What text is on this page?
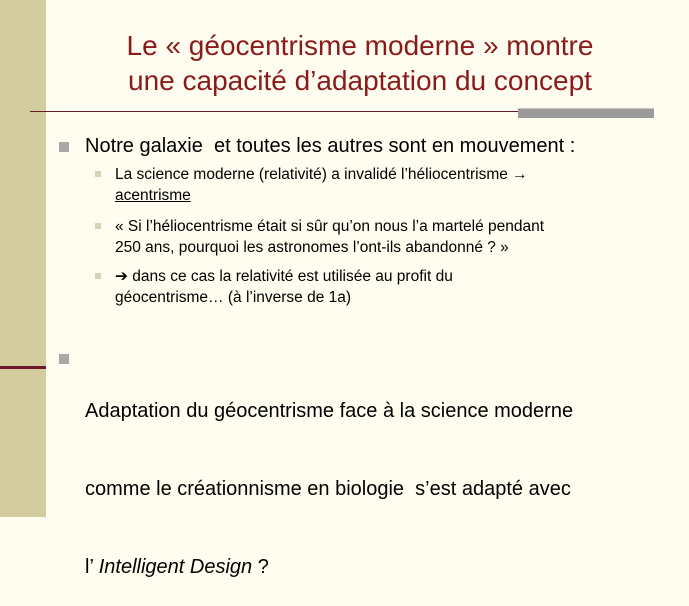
Le « géocentrisme moderne » montre
une capacité d’adaptation du concept
Notre galaxie  et toutes les autres sont en mouvement :
La science moderne (relativité) a invalidé l’héliocentrisme →
acentrisme
« Si l’héliocentrisme était si sûr qu’on nous l’a martelé pendant
250 ans, pourquoi les astronomes l’ont-ils abandonné ? »
➔ dans ce cas la relativité est utilisée au profit du
géocentrisme… (à l’inverse de 1a)

Adaptation du géocentrisme face à la science moderne

comme le créationnisme en biologie  s’est adapté avec

l’ Intelligent Design ?
